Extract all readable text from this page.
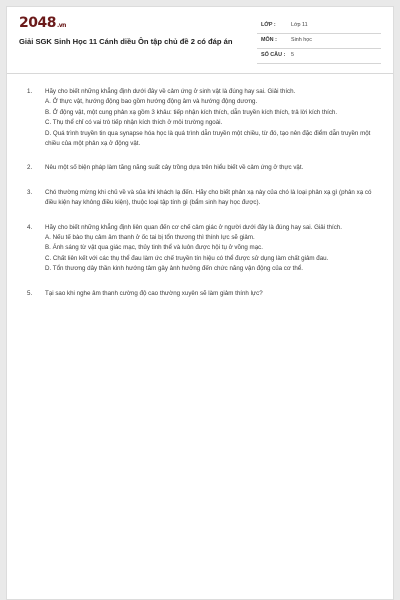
2048.vn
Giải SGK Sinh Học 11 Cánh diều Ôn tập chủ đề 2 có đáp án
LỚP :	Lớp 11
MÔN :	Sinh học
SỐ CÂU : 5
1. Hãy cho biết những khẳng định dưới đây về cảm ứng ở sinh vật là đúng hay sai. Giải thích.
A. Ở thực vật, hướng động bao gồm hướng động âm và hướng động dương.
B. Ở động vật, một cung phản xạ gồm 3 khâu: tiếp nhận kích thích, dẫn truyền kích thích, trả lời kích thích.
C. Thụ thể chỉ có vai trò tiếp nhận kích thích ở môi trường ngoài.
D. Quá trình truyền tin qua synapse hóa học là quá trình dẫn truyền một chiều, từ đó, tạo nên đặc điểm dẫn truyền một chiều của một phản xạ ở động vật.
2. Nêu một số biện pháp làm tăng năng suất cây trồng dựa trên hiểu biết về cảm ứng ở thực vật.
3. Chó thường mừng khi chủ về và sủa khi khách lạ đến. Hãy cho biết phản xạ này của chó là loại phản xạ gì (phản xạ có điều kiện hay không điều kiện), thuộc loại tập tính gì (bẩm sinh hay học được).
4. Hãy cho biết những khẳng định liên quan đến cơ chế cảm giác ở người dưới đây là đúng hay sai. Giải thích.
A. Nếu tế bào thụ cảm âm thanh ở ốc tai bị tổn thương thì thính lực sẽ giảm.
B. Ánh sáng từ vật qua giác mạc, thủy tinh thể và luôn được hội tụ ở võng mạc.
C. Chất liên kết với các thụ thể đau làm ức chế truyền tín hiệu có thể được sử dụng làm chất giảm đau.
D. Tổn thương dây thần kinh hướng tâm gây ảnh hưởng đến chức năng vận động của cơ thể.
5. Tại sao khi nghe âm thanh cường độ cao thường xuyên sẽ làm giảm thính lực?
